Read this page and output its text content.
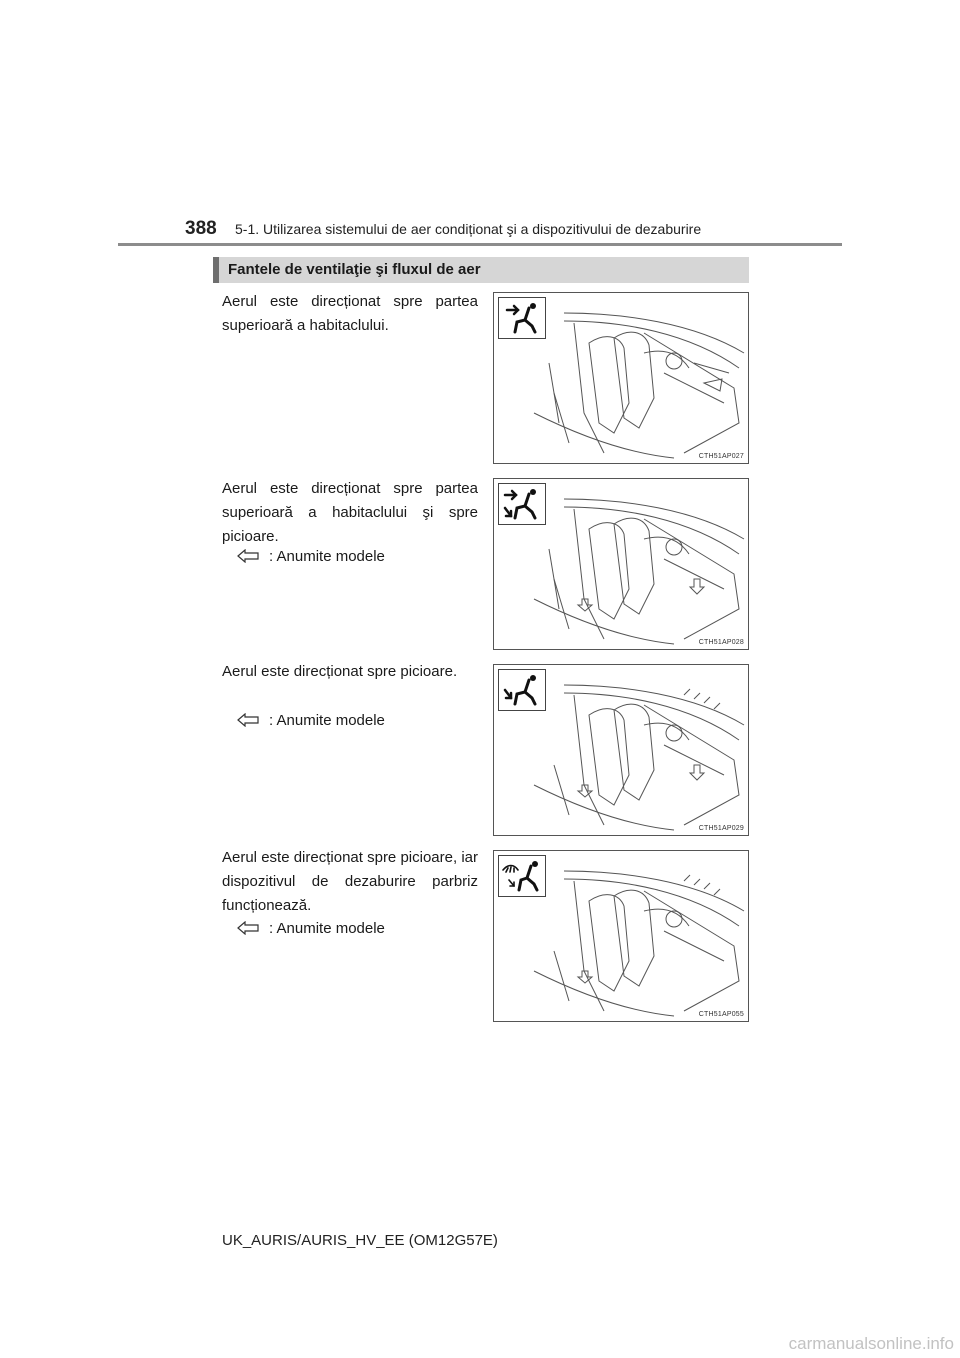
388 5-1. Utilizarea sistemului de aer condiționat şi a dispozitivului de dezaburire
Fantele de ventilaţie şi fluxul de aer
Aerul este direcționat spre partea superioară a habitaclului.
CTH51AP027
Aerul este direcționat spre partea superioară a habitaclului şi spre picioare.
: Anumite modele
CTH51AP028
Aerul este direcționat spre picioare.
: Anumite modele
CTH51AP029
Aerul este direcționat spre picioare, iar dispozitivul de dezaburire parbriz funcționează.
: Anumite modele
CTH51AP055
UK_AURIS/AURIS_HV_EE (OM12G57E)
carmanualsonline.info
